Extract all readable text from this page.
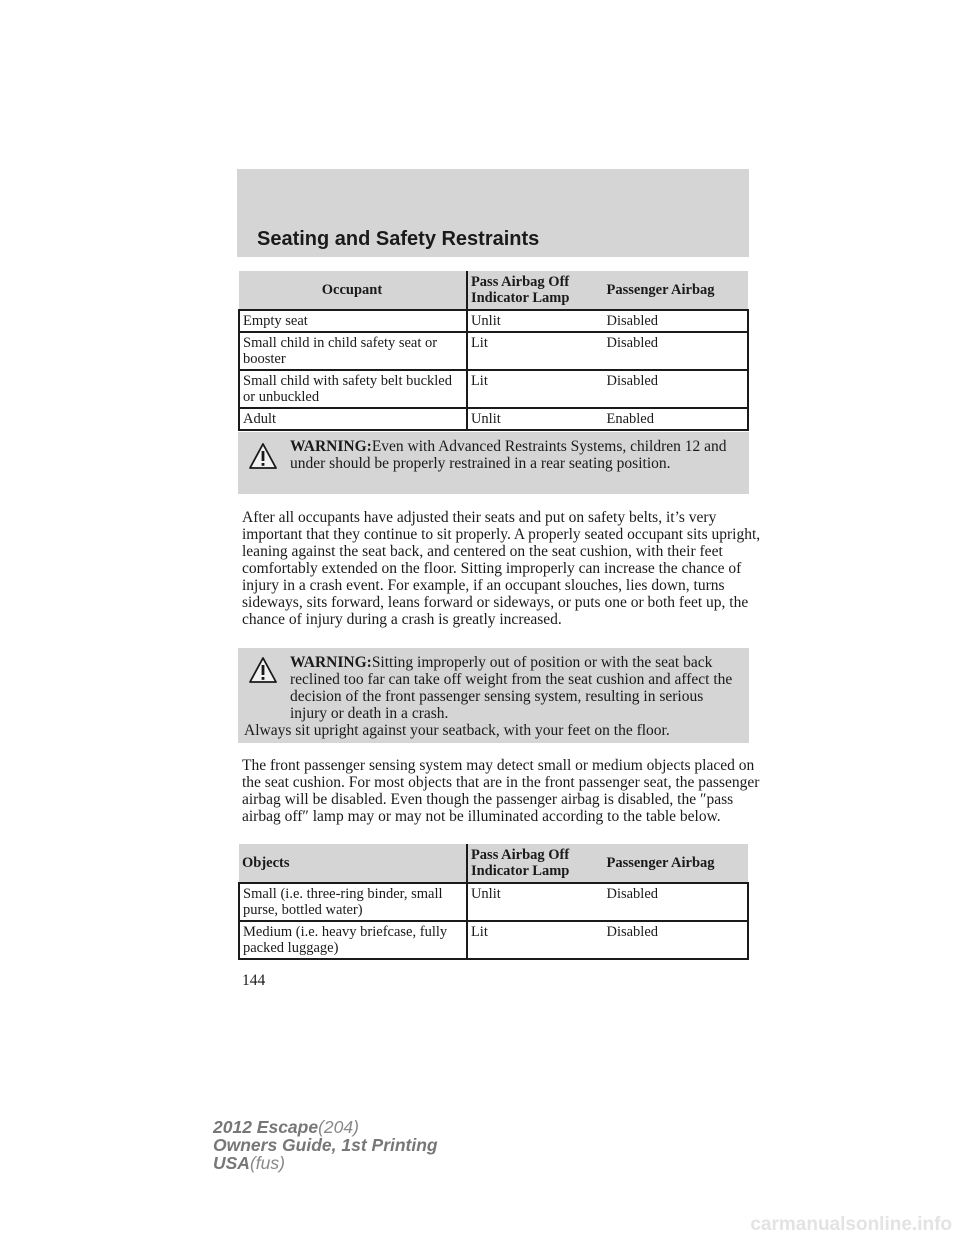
Seating and Safety Restraints
Occupant	Pass Airbag Off Indicator Lamp	Passenger Airbag
Empty seat	Unlit	Disabled
Small child in child safety seat or booster	Lit	Disabled
Small child with safety belt buckled or unbuckled	Lit	Disabled
Adult	Unlit	Enabled
WARNING:Even with Advanced Restraints Systems, children 12 and under should be properly restrained in a rear seating position.
After all occupants have adjusted their seats and put on safety belts, it’s very important that they continue to sit properly. A properly seated occupant sits upright, leaning against the seat back, and centered on the seat cushion, with their feet comfortably extended on the floor. Sitting improperly can increase the chance of injury in a crash event. For example, if an occupant slouches, lies down, turns sideways, sits forward, leans forward or sideways, or puts one or both feet up, the chance of injury during a crash is greatly increased.
WARNING:Sitting improperly out of position or with the seat back reclined too far can take off weight from the seat cushion and affect the decision of the front passenger sensing system, resulting in serious injury or death in a crash.
Always sit upright against your seatback, with your feet on the floor.
The front passenger sensing system may detect small or medium objects placed on the seat cushion. For most objects that are in the front passenger seat, the passenger airbag will be disabled. Even though the passenger airbag is disabled, the ″pass airbag off″ lamp may or may not be illuminated according to the table below.
Objects	Pass Airbag Off Indicator Lamp	Passenger Airbag
Small (i.e. three-ring binder, small purse, bottled water)	Unlit	Disabled
Medium (i.e. heavy briefcase, fully packed luggage)	Lit	Disabled
144
2012 Escape(204)
Owners Guide, 1st Printing
USA(fus)
carmanualsonline.info
